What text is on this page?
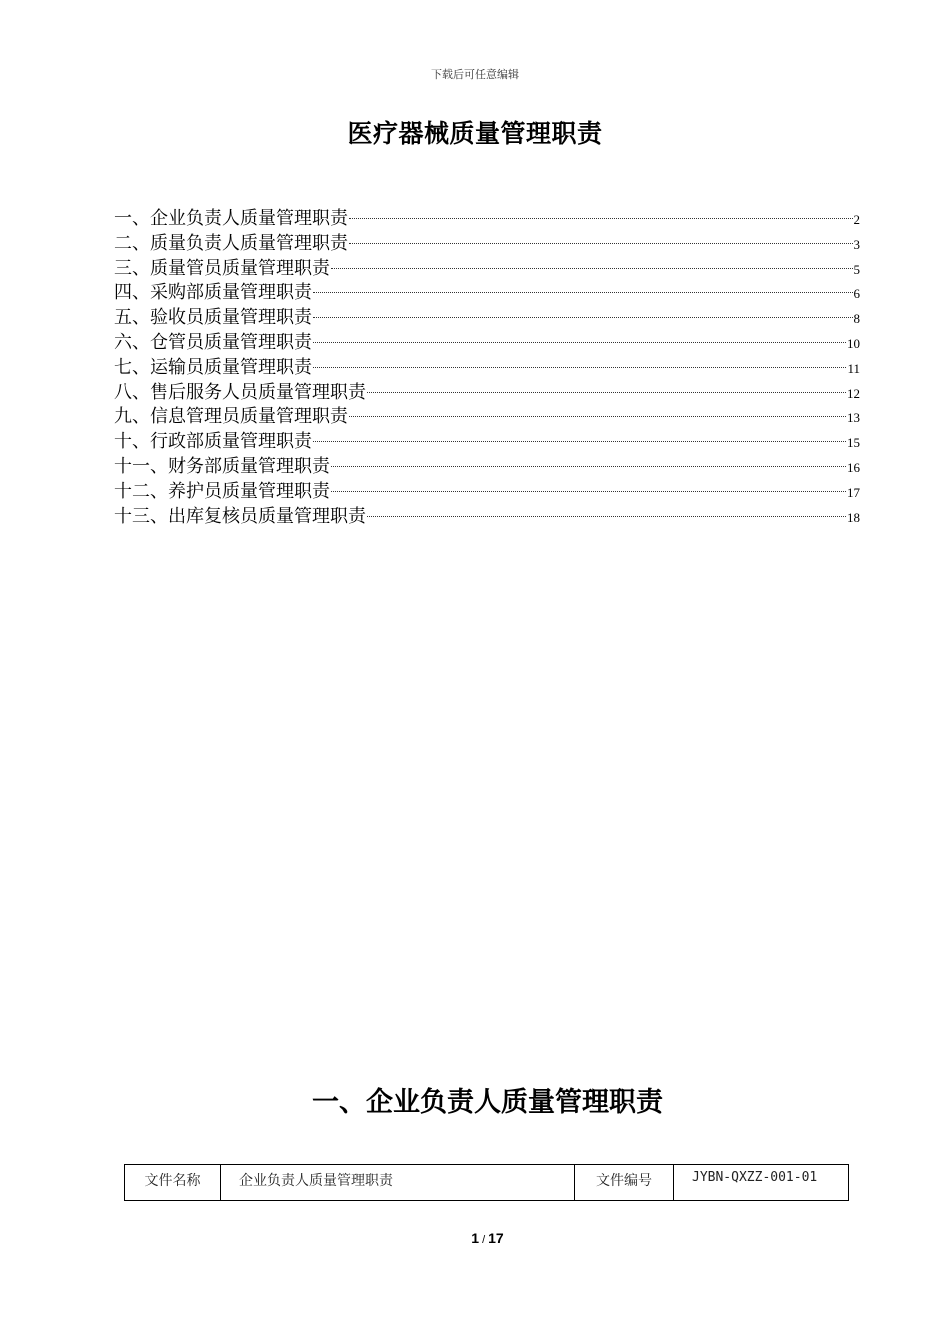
下载后可任意编辑
医疗器械质量管理职责
一、企业负责人质量管理职责	2
二、质量负责人质量管理职责	3
三、质量管员质量管理职责	5
四、采购部质量管理职责	6
五、验收员质量管理职责	8
六、仓管员质量管理职责	10
七、运输员质量管理职责	11
八、售后服务人员质量管理职责	12
九、信息管理员质量管理职责	13
十、行政部质量管理职责	15
十一、财务部质量管理职责	16
十二、养护员质量管理职责	17
十三、出库复核员质量管理职责	18
一、企业负责人质量管理职责
文件名称	企业负责人质量管理职责	文件编号	JYBN-QXZZ-001-01
1 / 17
